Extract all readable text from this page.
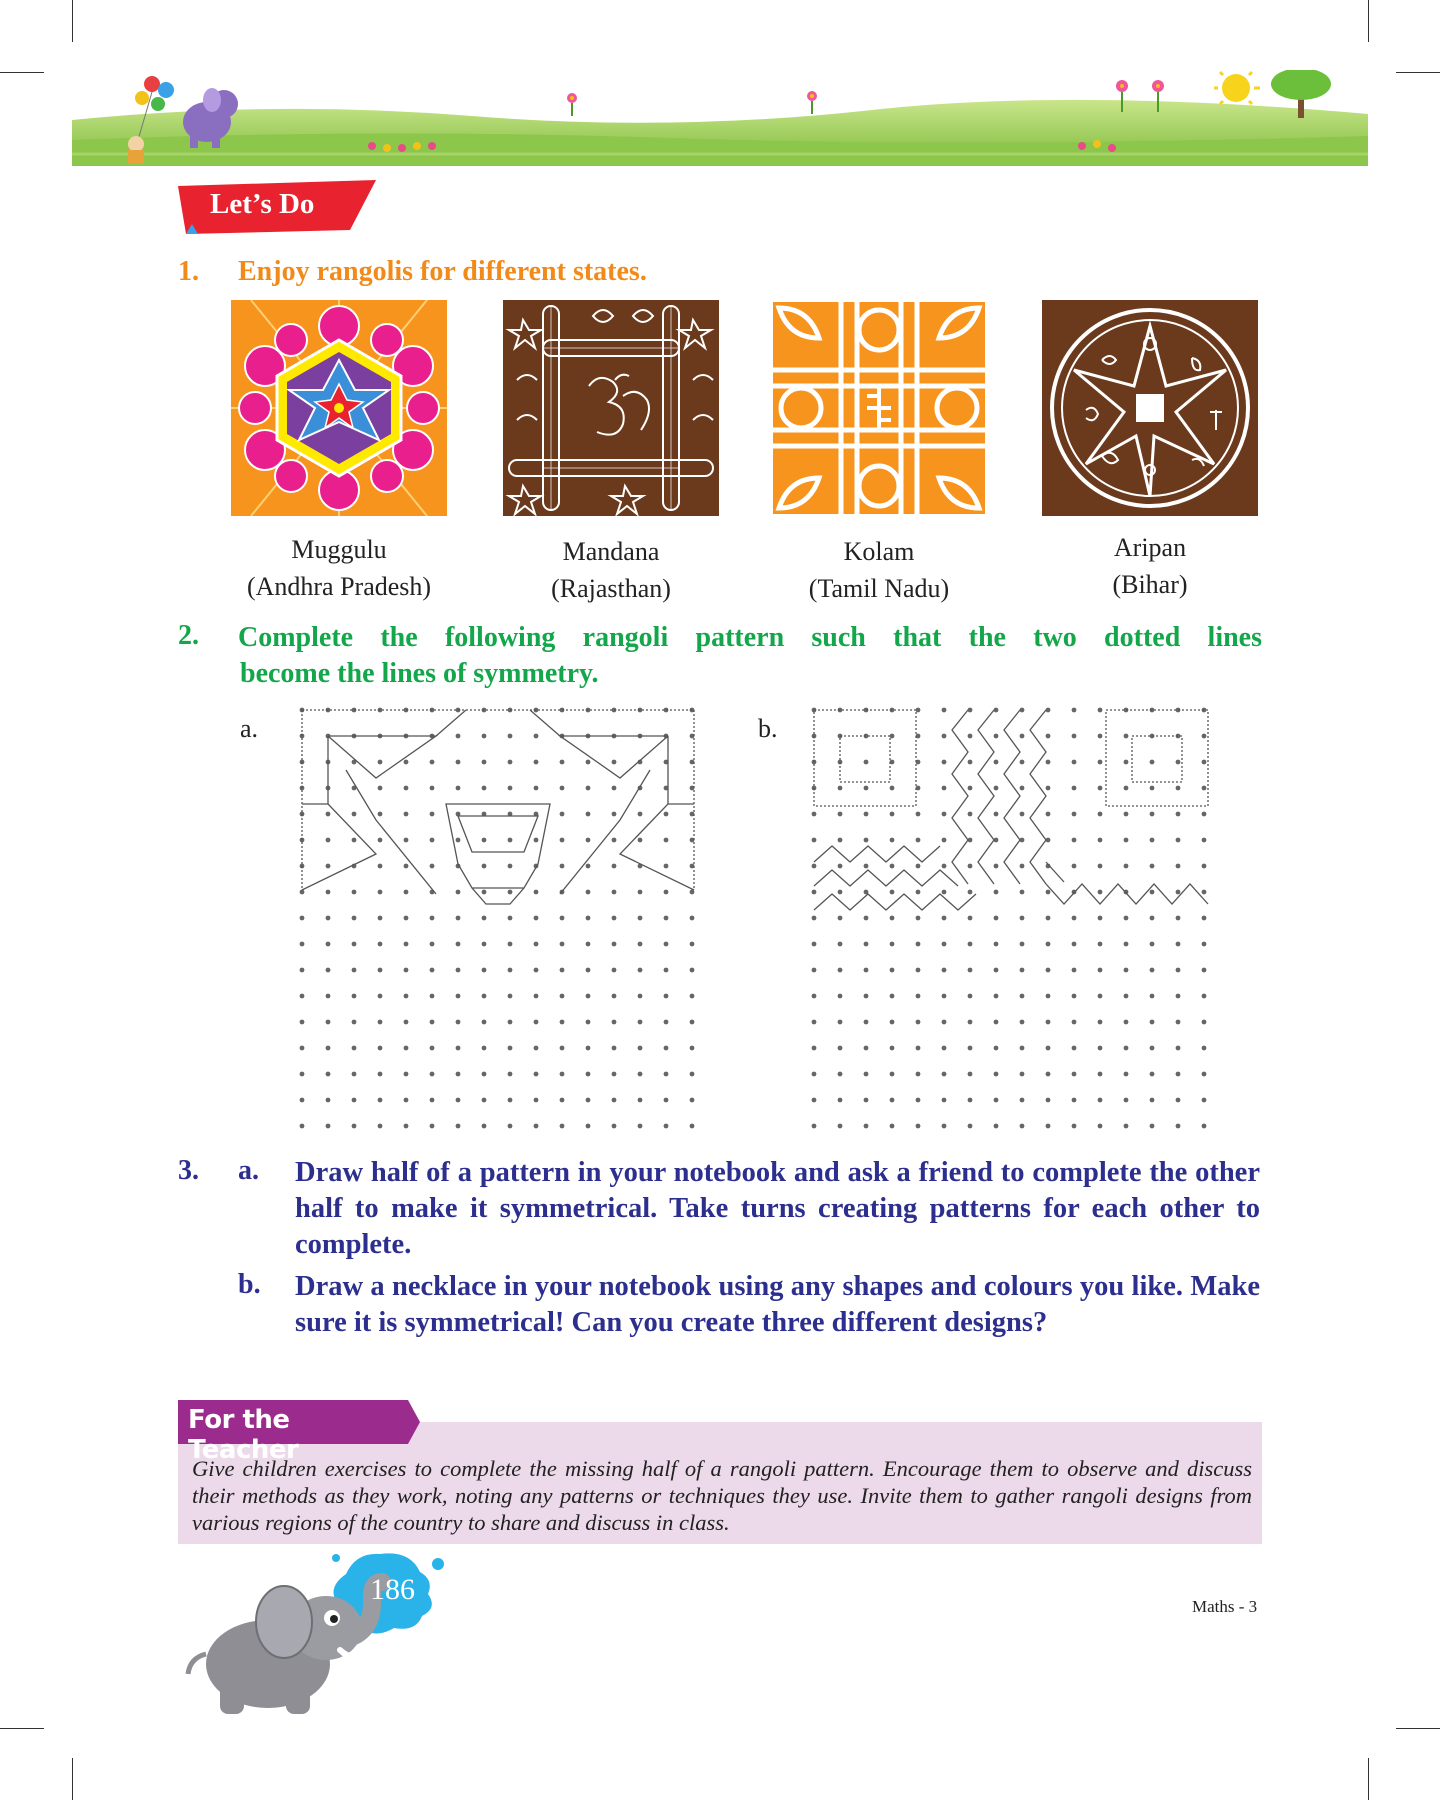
Let’s Do
1. Enjoy rangolis for different states.
Muggulu
(Andhra Pradesh)
Mandana
(Rajasthan)
Kolam
(Tamil Nadu)
Aripan
(Bihar)
2. Complete the following rangoli pattern such that the two dotted lines
become the lines of symmetry.
a.	b.
3. a. Draw half of a pattern in your notebook and ask a friend to complete the other half to make it symmetrical. Take turns creating patterns for each other to complete.
b. Draw a necklace in your notebook using any shapes and colours you like. Make sure it is symmetrical! Can you create three different designs?
For the Teacher
Give children exercises to complete the missing half of a rangoli pattern. Encourage them to observe and discuss their methods as they work, noting any patterns or techniques they use. Invite them to gather rangoli designs from various regions of the country to share and discuss in class.
186
Maths - 3
